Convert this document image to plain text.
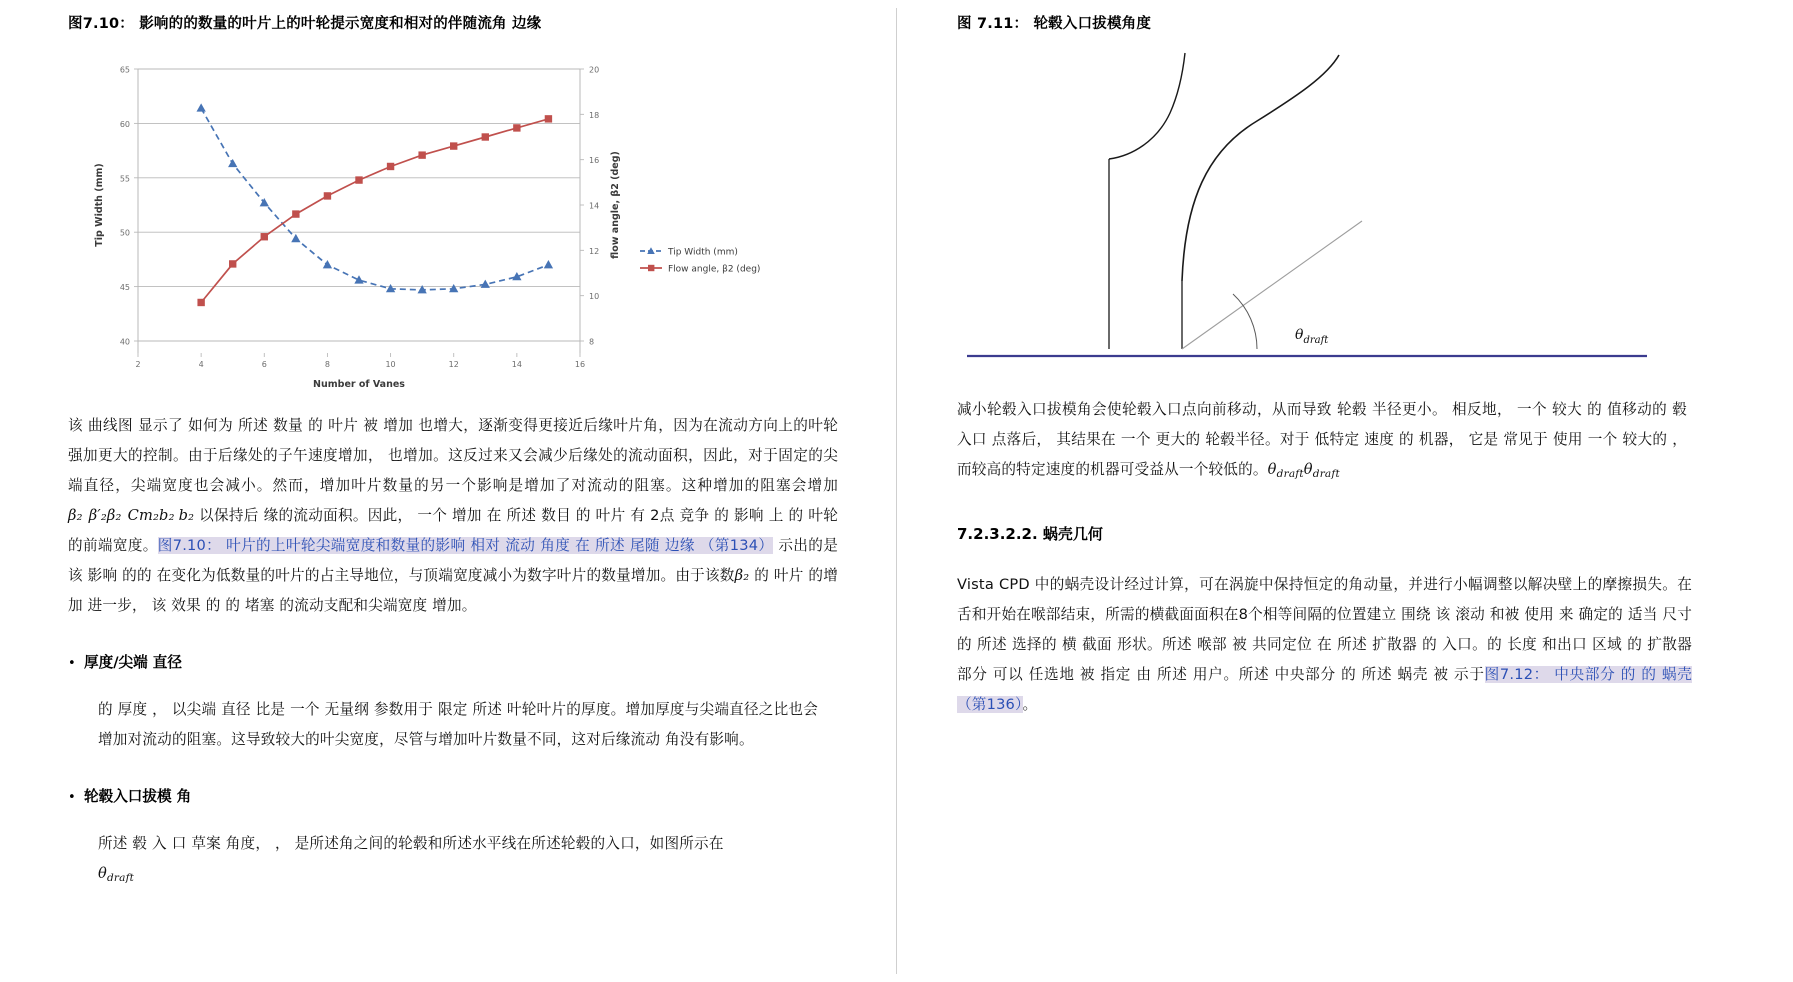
图7.10： 影响的的数量的叶片上的叶轮提示宽度和相对的伴随流角 边缘
40
45
50
55
60
65
8
10
12
14
16
18
20
2	4	6	8	10	12	14	16
Number of Vanes
Tip Width (mm)	flow angle, β2 (deg)	Tip Width (mm)
Flow angle, β2 (deg)

该 曲线图 显示了 如何为 所述 数量 的 叶片 被 增加 也增大，逐渐变得更接近后缘叶片角，因为在流动方向上的叶轮强加更大的控制。由于后缘处的子午速度增加， 也增加。这反过来又会减少后缘处的流动面积，因此，对于固定的尖端直径，尖端宽度也会减小。然而，增加叶片数量的另一个影响是增加了对流动的阻塞。这种增加的阻塞会增加β₂ β′₂β₂ Cm₂b₂ b₂ 以保持后 缘的流动面积。因此， 一个 增加 在 所述 数目 的 叶片 有 2点 竞争 的 影响 上 的 叶轮的前端宽度。图7.10： 叶片的上叶轮尖端宽度和数量的影响 相对 流动 角度 在 所述 尾随 边缘 （第134） 示出的是 该 影响 的的 在变化为低数量的叶片的占主导地位，与顶端宽度减小为数字叶片的数量增加。由于该数β₂ 的 叶片 的增加 进一步， 该 效果 的 的 堵塞 的流动支配和尖端宽度 增加。

• 厚度/尖端 直径

的 厚度 ， 以尖端 直径 比是 一个 无量纲 参数用于 限定 所述 叶轮叶片的厚度。增加厚度与尖端直径之比也会增加对流动的阻塞。这导致较大的叶尖宽度，尽管与增加叶片数量不同，这对后缘流动 角没有影响。

• 轮毂入口拔模 角

所述 毂 入 口 草案 角度， ， 是所述角之间的轮毂和所述水平线在所述轮毂的入口，如图所示在
$\theta_{draft}$

图 7.11： 轮毂入口拔模角度
$\theta_{draft}$

减小轮毂入口拔模角会使轮毂入口点向前移动，从而导致 轮毂 半径更小。 相反地， 一个 较大 的 值移动的 毂 入口 点落后， 其结果在 一个 更大的 轮毂半径。对于 低特定 速度 的 机器， 它是 常见于 使用 一个 较大的 ，而较高的特定速度的机器可受益从一个较低的。$\theta_{draft}\theta_{draft}$

7.2.3.2.2. 蜗壳几何

Vista CPD 中的蜗壳设计经过计算，可在涡旋中保持恒定的角动量，并进行小幅调整以解决壁上的摩擦损失。在舌和开始在喉部结束，所需的横截面面积在8个相等间隔的位置建立 围绕 该 滚动 和被 使用 来 确定的 适当 尺寸 的 所述 选择的 横 截面 形状。所述 喉部 被 共同定位 在 所述 扩散器 的 入口。的 长度 和出口 区域 的 扩散器 部分 可以 任选地 被 指定 由 所述 用户。所述 中央部分 的 所述 蜗壳 被 示于图7.12： 中央部分 的 的 蜗壳 （第136）。
